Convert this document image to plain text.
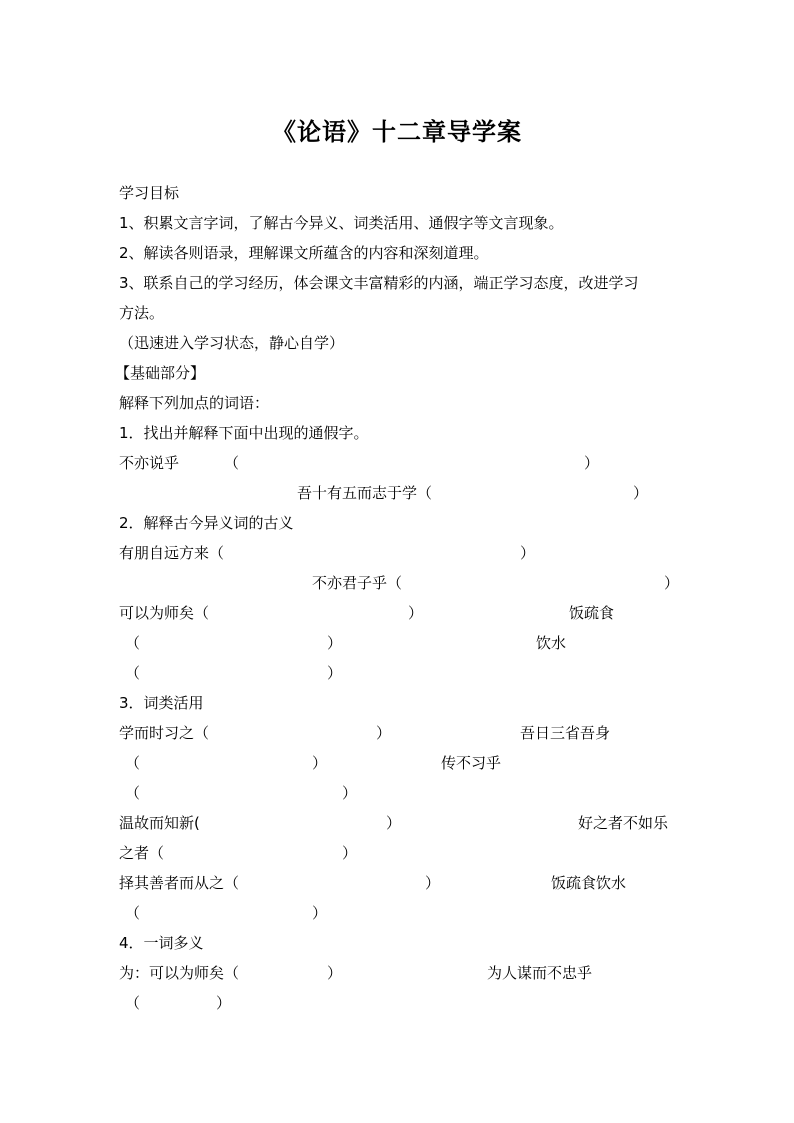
《论语》十二章导学案
学习目标
1、积累文言字词，了解古今异义、词类活用、通假字等文言现象。
2、解读各则语录，理解课文所蕴含的内容和深刻道理。
3、联系自己的学习经历，体会课文丰富精彩的内涵，端正学习态度，改进学习
方法。
（迅速进入学习状态，静心自学）
【基础部分】
解释下列加点的词语：
1．找出并解释下面中出现的通假字。
不亦说乎	（	）
吾十有五而志于学（	）
2．解释古今异义词的古义
有朋自远方来（	）
不亦君子乎（	）
可以为师矣（	）	饭疏食
（	）	饮水
（	）
3．词类活用
学而时习之（	）	吾日三省吾身
（	）	传不习乎
（	）
温故而知新(	）	好之者不如乐
之者（	）
择其善者而从之（	）	饭疏食饮水
（	）
4．一词多义
为：可以为师矣（	）	为人谋而不忠乎
（	）
